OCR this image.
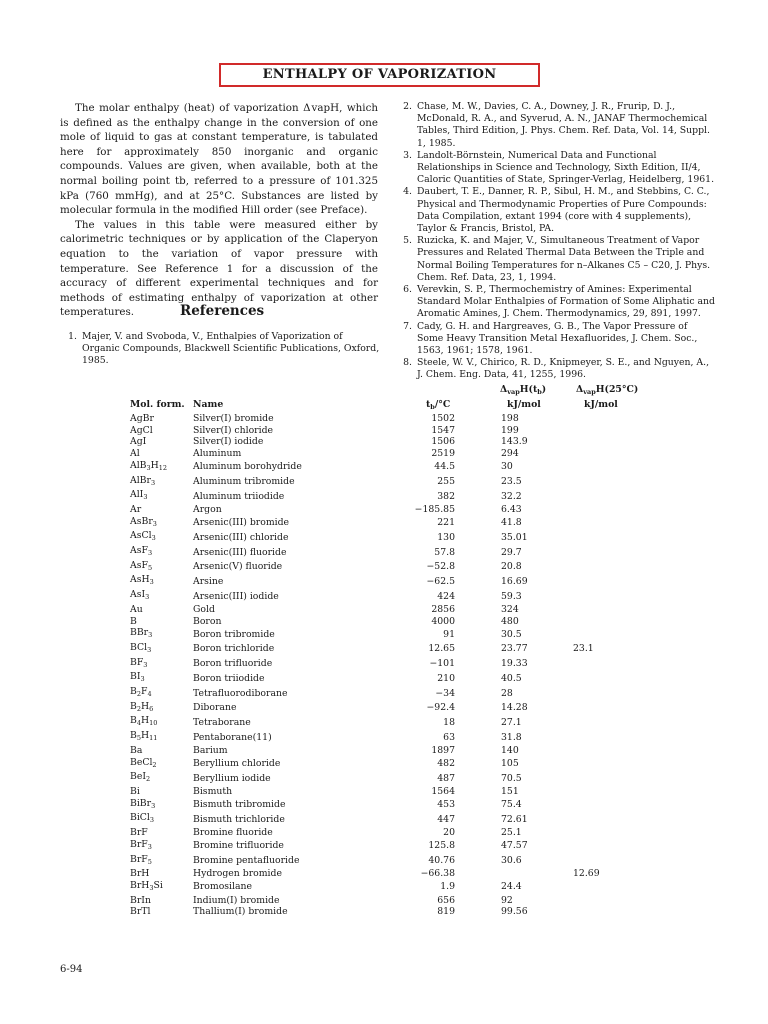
ENTHALPY OF VAPORIZATION

The molar enthalpy (heat) of vaporization Δ vapH, which is defined as the enthalpy change in the conversion of one mole of liquid to gas at constant temperature, is tabulated here for approximately 850 inorganic and organic compounds. Values are given, when available, both at the normal boiling point tb, referred to a pressure of 101.325 kPa (760 mmHg), and at 25°C. Substances are listed by molecular formula in the modified Hill order (see Preface).

The values in this table were measured either by calorimetric techniques or by application of the Claperyon equation to the variation of vapor pressure with temperature. See Reference 1 for a discussion of the accuracy of different experimental techniques and for methods of estimating enthalpy of vaporization at other temperatures.	References
1. Majer, V. and Svoboda, V., Enthalpies of Vaporization of Organic Compounds, Blackwell Scientific Publications, Oxford, 1985.
2. Chase, M. W., Davies, C. A., Downey, J. R., Frurip, D. J., McDonald, R. A., and Syverud, A. N., JANAF Thermochemical Tables, Third Edition, J. Phys. Chem. Ref. Data, Vol. 14, Suppl. 1, 1985.
3. Landolt-Börnstein, Numerical Data and Functional Relationships in Science and Technology, Sixth Edition, II/4, Caloric Quantities of State, Springer-Verlag, Heidelberg, 1961.
4. Daubert, T. E., Danner, R. P., Sibul, H. M., and Stebbins, C. C., Physical and Thermodynamic Properties of Pure Compounds: Data Compilation, extant 1994 (core with 4 supplements), Taylor & Francis, Bristol, PA.
5. Ruzicka, K. and Majer, V., Simultaneous Treatment of Vapor Pressures and Related Thermal Data Between the Triple and Normal Boiling Temperatures for n–Alkanes C5 – C20, J. Phys. Chem. Ref. Data, 23, 1, 1994.
6. Verevkin, S. P., Thermochemistry of Amines: Experimental Standard Molar Enthalpies of Formation of Some Aliphatic and Aromatic Amines, J. Chem. Thermodynamics, 29, 891, 1997.
7. Cady, G. H. and Hargreaves, G. B., The Vapor Pressure of Some Heavy Transition Metal Hexafluorides, J. Chem. Soc., 1563, 1961; 1578, 1961.
8. Steele, W. V., Chirico, R. D., Knipmeyer, S. E., and Nguyen, A., J. Chem. Eng. Data, 41, 1255, 1996.
$\Delta_{vap}H(t_b)$	$\Delta_{vap}H(25^\circ C)$
Mol. form. Name	$t_b/^\circ C$	kJ/mol	kJ/mol
AgBr	Silver(I) bromide	1502	198	
AgCl	Silver(I) chloride	1547	199	
AgI	Silver(I) iodide	1506	143.9	
Al	Aluminum	2519	294	
$AlB_3H_{12}$	Aluminum borohydride	44.5	30	
AlBr$_3$	Aluminum tribromide	255	23.5	
AlI$_3$	Aluminum triiodide	382	32.2	
Ar	Argon	−185.85	6.43	
AsBr$_3$	Arsenic(III) bromide	221	41.8	
AsCl$_3$	Arsenic(III) chloride	130	35.01	
AsF$_3$	Arsenic(III) fluoride	57.8	29.7	
AsF$_5$	Arsenic(V) fluoride	−52.8	20.8	
AsH$_3$	Arsine	−62.5	16.69	
AsI$_3$	Arsenic(III) iodide	424	59.3	
Au	Gold	2856	324	
B	Boron	4000	480	
BBr$_3$	Boron tribromide	91	30.5	
BCl$_3$	Boron trichloride	12.65	23.77	23.1
$BF_3$	Boron trifluoride	−101	19.33	
$BI_3$	Boron triiodide	210	40.5	
$B_2F_4$	Tetrafluorodiborane	−34	28	
$B_2H_6$	Diborane	−92.4	14.28	
$B_4H_{10}$	Tetraborane	18	27.1	
$B_5H_{11}$	Pentaborane(11)	63	31.8	
Ba	Barium	1897	140	
BeCl$_2$	Beryllium chloride	482	105	
BeI$_2$	Beryllium iodide	487	70.5	
Bi	Bismuth	1564	151	
BiBr$_3$	Bismuth tribromide	453	75.4	
BiCl$_3$	Bismuth trichloride	447	72.61	
BrF	Bromine fluoride	20	25.1	
BrF$_3$	Bromine trifluoride	125.8	47.57	
BrF$_5$	Bromine pentafluoride	40.76	30.6	
BrH	Hydrogen bromide	−66.38		12.69
BrH$_3$Si	Bromosilane	1.9	24.4	
BrIn	Indium(I) bromide	656	92	
BrTl	Thallium(I) bromide	819	99.56	
6-94
